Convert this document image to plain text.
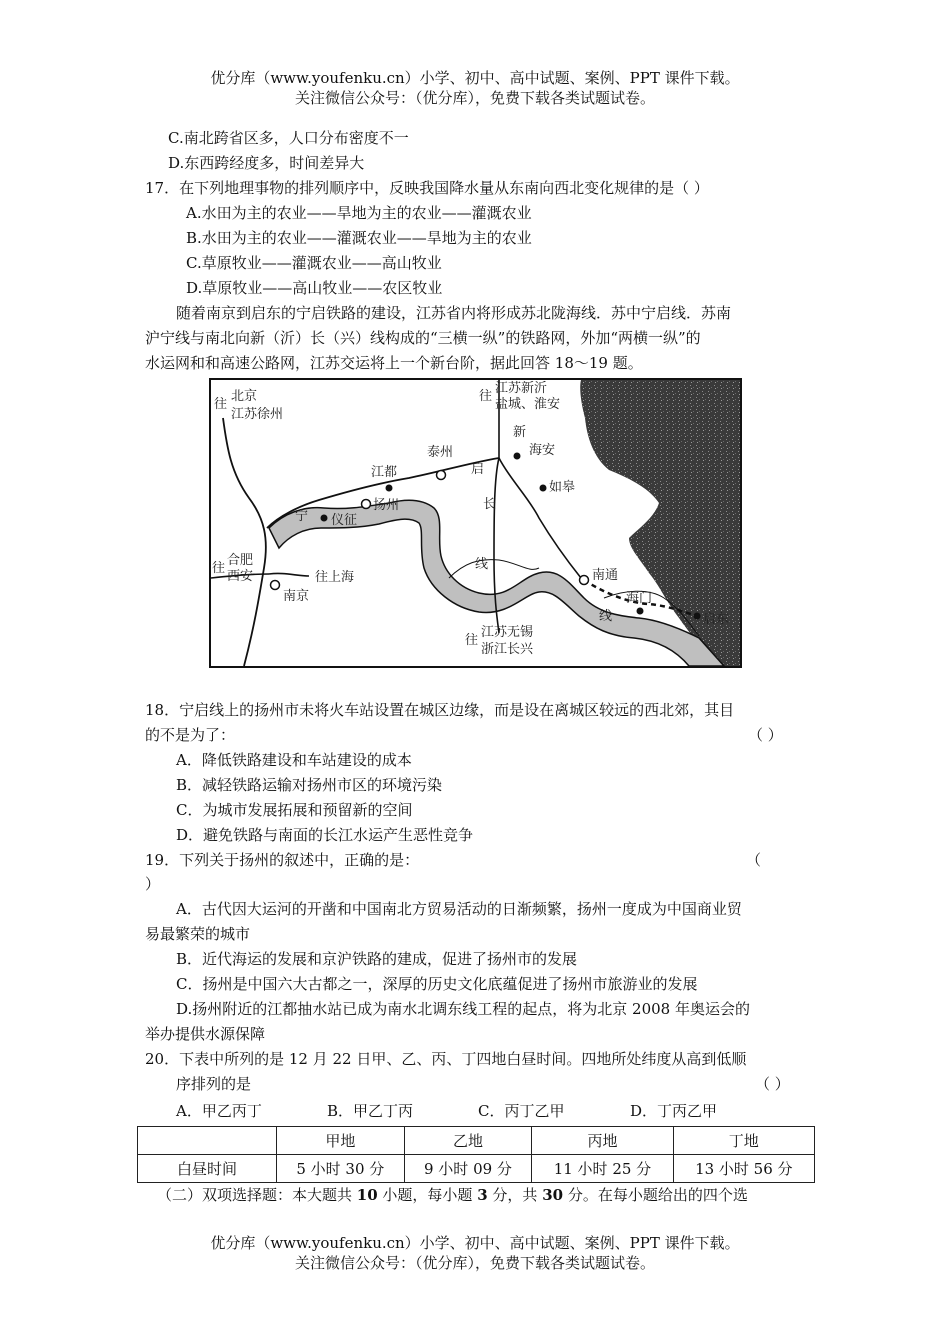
优分库（www.youfenku.cn）小学、初中、高中试题、案例、PPT 课件下载。
关注微信公众号：（优分库），免费下载各类试题试卷。
C.南北跨省区多，人口分布密度不一
D.东西跨经度多，时间差异大
17．在下列地理事物的排列顺序中，反映我国降水量从东南向西北变化规律的是（ ）
A.水田为主的农业——旱地为主的农业——灌溉农业
B.水田为主的农业——灌溉农业——旱地为主的农业
C.草原牧业——灌溉农业——高山牧业
D.草原牧业——高山牧业——农区牧业
随着南京到启东的宁启铁路的建设，江苏省内将形成苏北陇海线．苏中宁启线．苏南
沪宁线与南北向新（沂）长（兴）线构成的“三横一纵”的铁路网，外加“两横一纵”的
水运网和和高速公路网，江苏交运将上一个新台阶，据此回答 18～19 题。
往
北京
江苏徐州
往
江苏新沂
盐城、淮安
新
海安
泰州
启
江都
如皋
扬州	长
宁 仪征
合肥
往
西安	往上海
南京
线
南通
海门
线	启东
往
江苏无锡
浙江长兴
18．宁启线上的扬州市未将火车站设置在城区边缘，而是设在离城区较远的西北郊，其目
的不是为了：	（ ）
A．降低铁路建设和车站建设的成本
B．减轻铁路运输对扬州市区的环境污染
C．为城市发展拓展和预留新的空间
D．避免铁路与南面的长江水运产生恶性竞争
19．下列关于扬州的叙述中，正确的是：	（
）
A．古代因大运河的开凿和中国南北方贸易活动的日渐频繁，扬州一度成为中国商业贸
易最繁荣的城市
B．近代海运的发展和京沪铁路的建成，促进了扬州市的发展
C．扬州是中国六大古都之一，深厚的历史文化底蕴促进了扬州市旅游业的发展
D.扬州附近的江都抽水站已成为南水北调东线工程的起点，将为北京 2008 年奥运会的
举办提供水源保障
20．下表中所列的是 12 月 22 日甲、乙、丙、丁四地白昼时间。四地所处纬度从高到低顺
序排列的是	（ ）
A．甲乙丙丁	B．甲乙丁丙	C．丙丁乙甲	D．丁丙乙甲
	甲地	乙地	丙地	丁地
白昼时间	5 小时 30 分	9 小时 09 分	11 小时 25 分	13 小时 56 分
（二）双项选择题：本大题共 10 小题，每小题 3 分，共 30 分。在每小题给出的四个选
优分库（www.youfenku.cn）小学、初中、高中试题、案例、PPT 课件下载。
关注微信公众号：（优分库），免费下载各类试题试卷。
